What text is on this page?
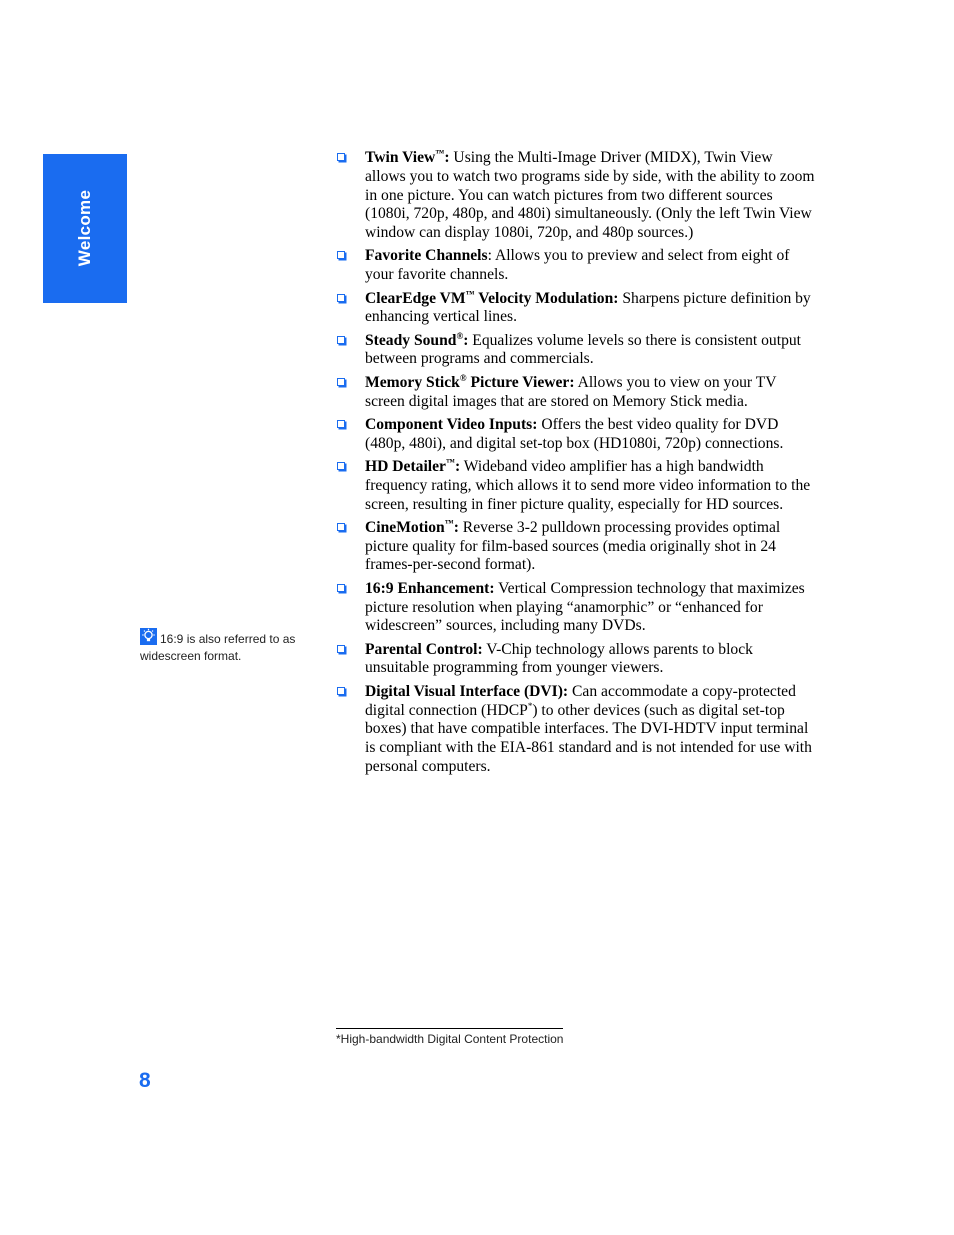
Welcome
16:9 is also referred to as widescreen format.
Twin View™: Using the Multi-Image Driver (MIDX), Twin View allows you to watch two programs side by side, with the ability to zoom in one picture. You can watch pictures from two different sources (1080i, 720p, 480p, and 480i) simultaneously. (Only the left Twin View window can display 1080i, 720p, and 480p sources.)
Favorite Channels: Allows you to preview and select from eight of your favorite channels.
ClearEdge VM™ Velocity Modulation: Sharpens picture definition by enhancing vertical lines.
Steady Sound®: Equalizes volume levels so there is consistent output between programs and commercials.
Memory Stick® Picture Viewer: Allows you to view on your TV screen digital images that are stored on Memory Stick media.
Component Video Inputs: Offers the best video quality for DVD (480p, 480i), and digital set-top box (HD1080i, 720p) connections.
HD Detailer™: Wideband video amplifier has a high bandwidth frequency rating, which allows it to send more video information to the screen, resulting in finer picture quality, especially for HD sources.
CineMotion™: Reverse 3-2 pulldown processing provides optimal picture quality for film-based sources (media originally shot in 24 frames-per-second format).
16:9 Enhancement: Vertical Compression technology that maximizes picture resolution when playing “anamorphic” or “enhanced for widescreen” sources, including many DVDs.
Parental Control: V-Chip technology allows parents to block unsuitable programming from younger viewers.
Digital Visual Interface (DVI): Can accommodate a copy-protected digital connection (HDCP*) to other devices (such as digital set-top boxes) that have compatible interfaces. The DVI-HDTV input terminal is compliant with the EIA-861 standard and is not intended for use with personal computers.
*High-bandwidth Digital Content Protection
8
